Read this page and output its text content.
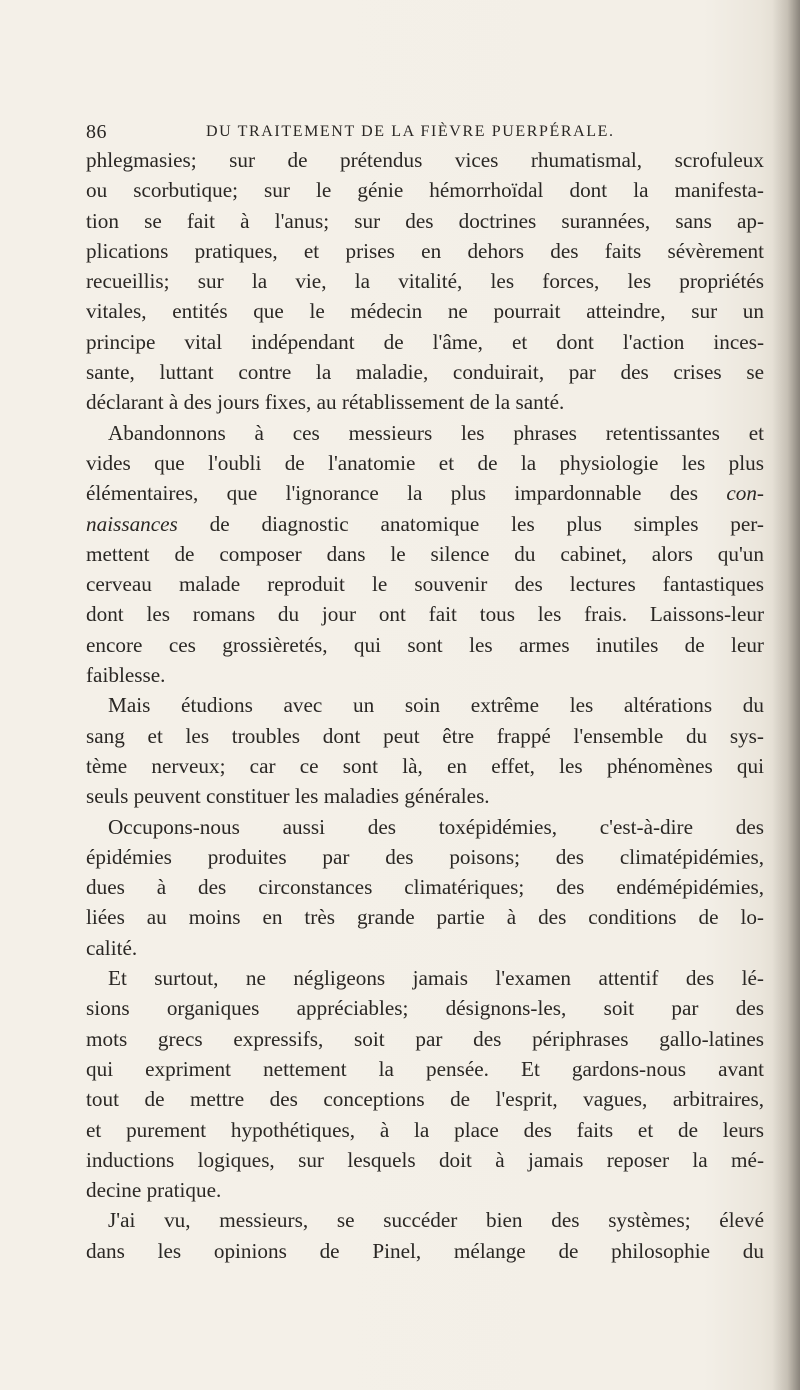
86	DU TRAITEMENT DE LA FIÈVRE PUERPÉRALE.
phlegmasies; sur de prétendus vices rhumatismal, scrofuleux
ou scorbutique; sur le génie hémorrhoïdal dont la manifesta-
tion se fait à l'anus; sur des doctrines surannées, sans ap-
plications pratiques, et prises en dehors des faits sévèrement
recueillis; sur la vie, la vitalité, les forces, les propriétés
vitales, entités que le médecin ne pourrait atteindre, sur un
principe vital indépendant de l'âme, et dont l'action inces-
sante, luttant contre la maladie, conduirait, par des crises se
déclarant à des jours fixes, au rétablissement de la santé.
Abandonnons à ces messieurs les phrases retentissantes et
vides que l'oubli de l'anatomie et de la physiologie les plus
élémentaires, que l'ignorance la plus impardonnable des con-
naissances de diagnostic anatomique les plus simples per-
mettent de composer dans le silence du cabinet, alors qu'un
cerveau malade reproduit le souvenir des lectures fantastiques
dont les romans du jour ont fait tous les frais. Laissons-leur
encore ces grossièretés, qui sont les armes inutiles de leur
faiblesse.
Mais étudions avec un soin extrême les altérations du
sang et les troubles dont peut être frappé l'ensemble du sys-
tème nerveux; car ce sont là, en effet, les phénomènes qui
seuls peuvent constituer les maladies générales.
Occupons-nous aussi des toxépidémies, c'est-à-dire des
épidémies produites par des poisons; des climatépidémies,
dues à des circonstances climatériques; des endémépidémies,
liées au moins en très grande partie à des conditions de lo-
calité.
Et surtout, ne négligeons jamais l'examen attentif des lé-
sions organiques appréciables; désignons-les, soit par des
mots grecs expressifs, soit par des périphrases gallo-latines
qui expriment nettement la pensée. Et gardons-nous avant
tout de mettre des conceptions de l'esprit, vagues, arbitraires,
et purement hypothétiques, à la place des faits et de leurs
inductions logiques, sur lesquels doit à jamais reposer la mé-
decine pratique.
J'ai vu, messieurs, se succéder bien des systèmes; élevé
dans les opinions de Pinel, mélange de philosophie du
